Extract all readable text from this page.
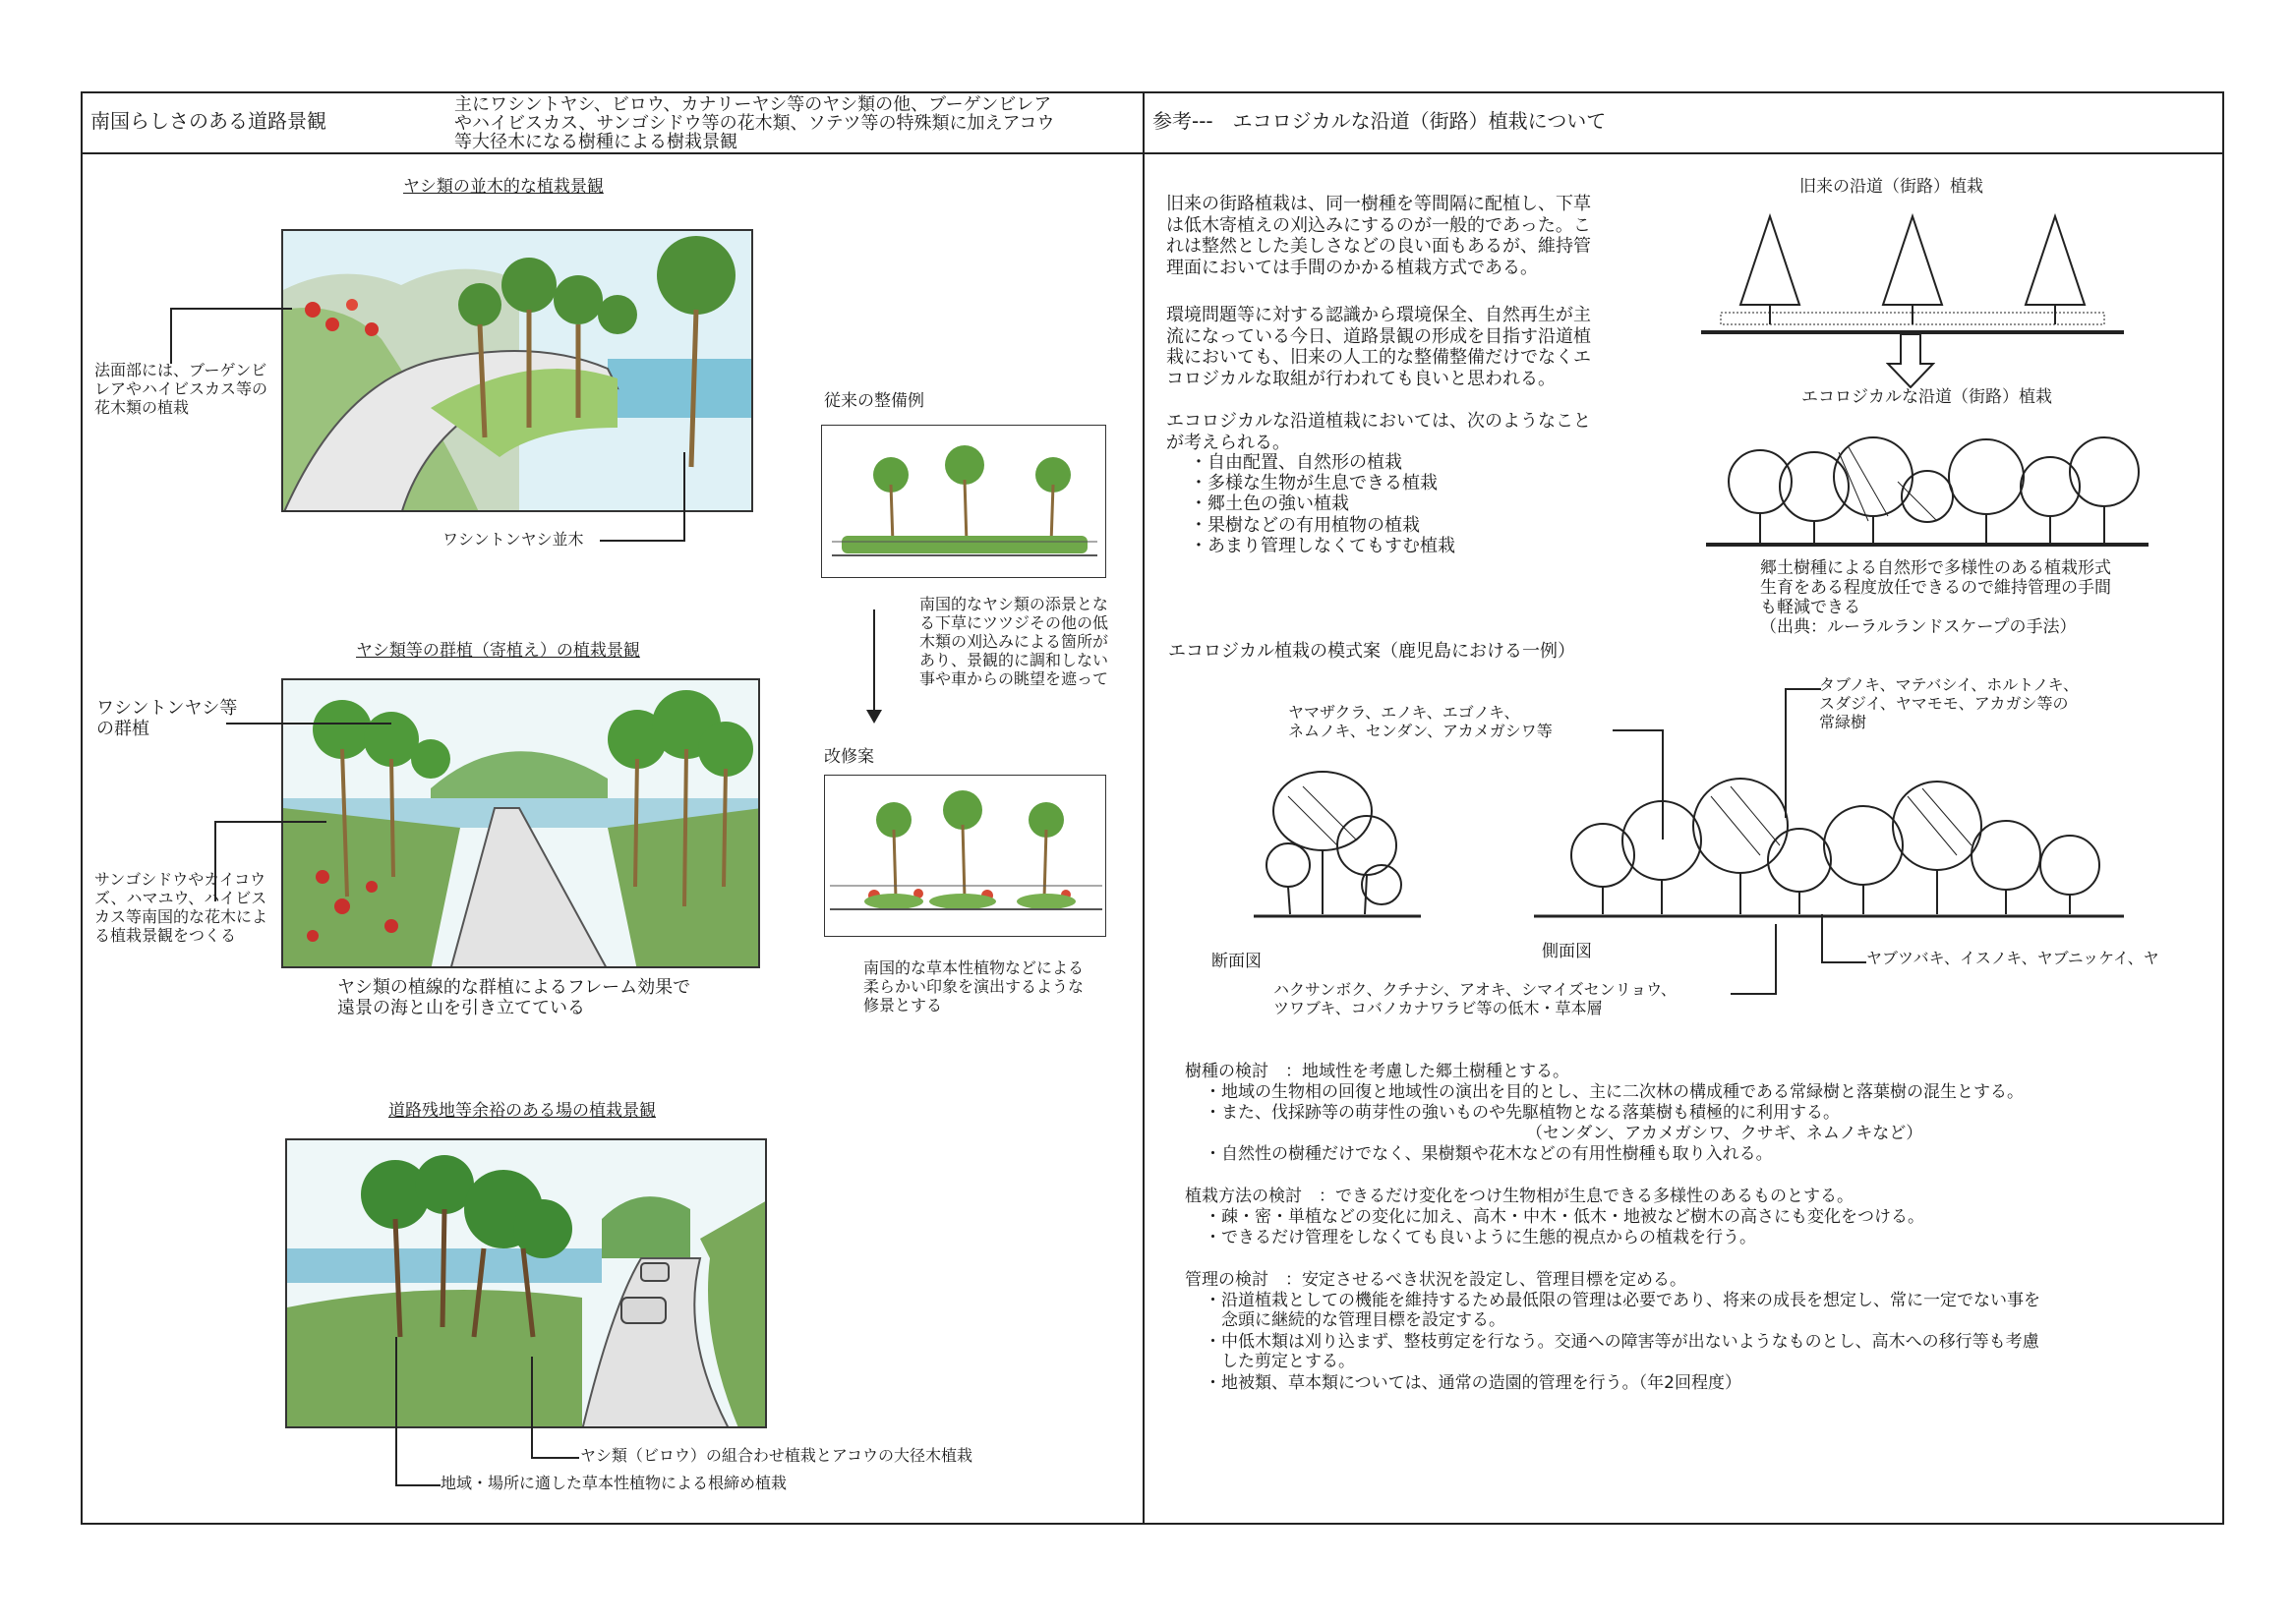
南国らしさのある道路景観
主にワシントヤシ、ビロウ、カナリーヤシ等のヤシ類の他、ブーゲンビレア
やハイビスカス、サンゴシドウ等の花木類、ソテツ等の特殊類に加えアコウ
等大径木になる樹種による樹栽景観
参考---　エコロジカルな沿道（街路）植栽について
ヤシ類の並木的な植栽景観
法面部には、ブーゲンビ
レアやハイビスカス等の
花木類の植栽
ワシントンヤシ並木
従来の整備例
南国的なヤシ類の添景とな
る下草にツツジその他の低
木類の刈込みによる箇所が
あり、景観的に調和しない
事や車からの眺望を遮って
改修案
南国的な草本性植物などによる
柔らかい印象を演出するような
修景とする
ヤシ類等の群植（寄植え）の植栽景観
ワシントンヤシ等
の群植
サンゴシドウやカイコウ
ズ、ハマユウ、ハイビス
カス等南国的な花木によ
る植栽景観をつくる
ヤシ類の植線的な群植によるフレーム効果で
遠景の海と山を引き立てている
道路残地等余裕のある場の植栽景観
ヤシ類（ビロウ）の組合わせ植栽とアコウの大径木植栽
地域・場所に適した草本性植物による根締め植栽
旧来の街路植栽は、同一樹種を等間隔に配植し、下草
は低木寄植えの刈込みにするのが一般的であった。こ
れは整然とした美しさなどの良い面もあるが、維持管
理面においては手間のかかる植栽方式である。
環境問題等に対する認識から環境保全、自然再生が主
流になっている今日、道路景観の形成を目指す沿道植
栽においても、旧来の人工的な整備整備だけでなくエ
コロジカルな取組が行われても良いと思われる。
エコロジカルな沿道植栽においては、次のようなこと
が考えられる。
・自由配置、自然形の植栽
・多様な生物が生息できる植栽
・郷土色の強い植栽
・果樹などの有用植物の植栽
・あまり管理しなくてもすむ植栽
旧来の沿道（街路）植栽
エコロジカルな沿道（街路）植栽
郷土樹種による自然形で多様性のある植栽形式
生育をある程度放任できるので維持管理の手間
も軽減できる
（出典：ルーラルランドスケープの手法）
エコロジカル植栽の模式案（鹿児島における一例）
ヤマザクラ、エノキ、エゴノキ、
ネムノキ、センダン、アカメガシワ等
タブノキ、マテバシイ、ホルトノキ、
スダジイ、ヤマモモ、アカガシ等の
常緑樹
断面図	側面図	ヤブツバキ、イスノキ、ヤブニッケイ、ヤ
ハクサンボク、クチナシ、アオキ、シマイズセンリョウ、
ツワブキ、コバノカナワラビ等の低木・草本層
樹種の検討　：地域性を考慮した郷土樹種とする。
・地域の生物相の回復と地域性の演出を目的とし、主に二次林の構成種である常緑樹と落葉樹の混生とする。
・また、伐採跡等の萌芽性の強いものや先駆植物となる落葉樹も積極的に利用する。
（センダン、アカメガシワ、クサギ、ネムノキなど）
・自然性の樹種だけでなく、果樹類や花木などの有用性樹種も取り入れる。
植栽方法の検討　：できるだけ変化をつけ生物相が生息できる多様性のあるものとする。
・疎・密・単植などの変化に加え、高木・中木・低木・地被など樹木の高さにも変化をつける。
・できるだけ管理をしなくても良いように生態的視点からの植栽を行う。
管理の検討　：安定させるべき状況を設定し、管理目標を定める。
・沿道植栽としての機能を維持するため最低限の管理は必要であり、将来の成長を想定し、常に一定でない事を
　念頭に継続的な管理目標を設定する。
・中低木類は刈り込まず、整枝剪定を行なう。交通への障害等が出ないようなものとし、高木への移行等も考慮
　した剪定とする。
・地被類、草本類については、通常の造園的管理を行う。（年2回程度）
